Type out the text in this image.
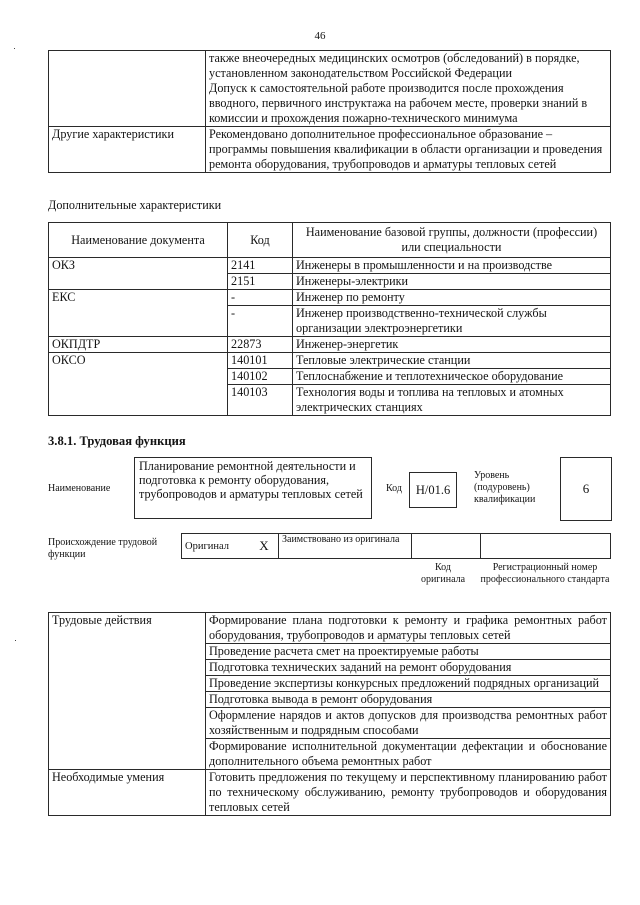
46

	также внеочередных медицинских осмотров (обследований) в порядке, установленном законодательством Российской Федерации
Допуск к самостоятельной работе производится после прохождения вводного, первичного инструктажа на рабочем месте, проверки знаний в комиссии и прохождения пожарно-технического минимума

Другие характеристики	Рекомендовано дополнительное профессиональное образование – программы повышения квалификации в области организации и проведения ремонта оборудования, трубопроводов и арматуры тепловых сетей
Дополнительные характеристики
Наименование документа	Код	Наименование базовой группы, должности (профессии) или специальности
ОКЗ	2141	Инженеры в промышленности и на производстве
	2151	Инженеры-электрики
ЕКС	-	Инженер по ремонту
	-	Инженер производственно-технической службы организации электроэнергетики
ОКПДТР	22873	Инженер-энергетик
ОКСО	140101	Тепловые электрические станции
	140102	Теплоснабжение и теплотехническое оборудование
	140103	Технология воды и топлива на тепловых и атомных электрических станциях
3.8.1. Трудовая функция
Наименование
Планирование ремонтной деятельности и подготовка к ремонту оборудования, трубопроводов и арматуры тепловых сетей	Код	H/01.6
Уровень (подуровень) квалификации
6
Происхождение трудовой функции
Оригинал	X	Заимствовано из оригинала		
Код оригинала
Регистрационный номер профессионального стандарта
Трудовые действия	Формирование плана подготовки к ремонту и графика ремонтных работ оборудования, трубопроводов и арматуры тепловых сетей
	Проведение расчета смет на проектируемые работы
	Подготовка технических заданий на ремонт оборудования
	Проведение экспертизы конкурсных предложений подрядных организаций
	Подготовка вывода в ремонт оборудования
	Оформление нарядов и актов допусков для производства ремонтных работ хозяйственным и подрядным способами
	Формирование исполнительной документации дефектации и обоснование дополнительного объема ремонтных работ
Необходимые умения	Готовить предложения по текущему и перспективному планированию работ по техническому обслуживанию, ремонту трубопроводов и оборудования тепловых сетей
